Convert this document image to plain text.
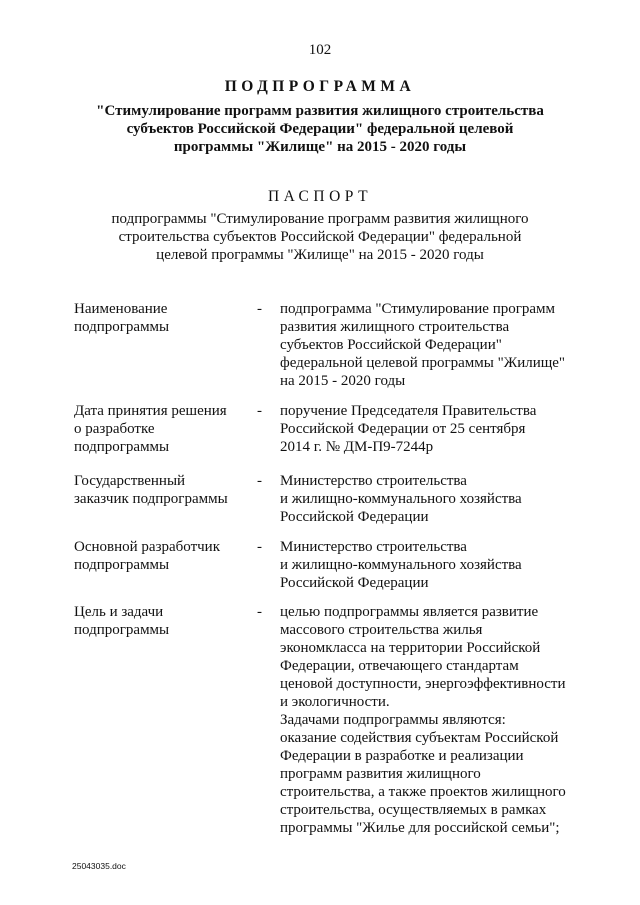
102
ПОДПРОГРАММА
"Стимулирование программ развития жилищного строительства
субъектов Российской Федерации" федеральной целевой
программы "Жилище" на 2015 - 2020 годы
ПАСПОРТ
подпрограммы "Стимулирование программ развития жилищного
строительства субъектов Российской Федерации" федеральной
целевой программы "Жилище" на 2015 - 2020 годы
Наименование
подпрограммы
- подпрограмма "Стимулирование программ
развития жилищного строительства
субъектов Российской Федерации"
федеральной целевой программы "Жилище"
на 2015 - 2020 годы
Дата принятия решения
о разработке
подпрограммы
- поручение Председателя Правительства
Российской Федерации от 25 сентября
2014 г. № ДМ-П9-7244р
Государственный
заказчик подпрограммы
- Министерство строительства
и жилищно-коммунального хозяйства
Российской Федерации
Основной разработчик
подпрограммы
- Министерство строительства
и жилищно-коммунального хозяйства
Российской Федерации
Цель и задачи
подпрограммы
- целью подпрограммы является развитие
массового строительства жилья
экономкласса на территории Российской
Федерации, отвечающего стандартам
ценовой доступности, энергоэффективности
и экологичности.
Задачами подпрограммы являются:
оказание содействия субъектам Российской
Федерации в разработке и реализации
программ развития жилищного
строительства, а также проектов жилищного
строительства, осуществляемых в рамках
программы "Жилье для российской семьи";
25043035.doc
